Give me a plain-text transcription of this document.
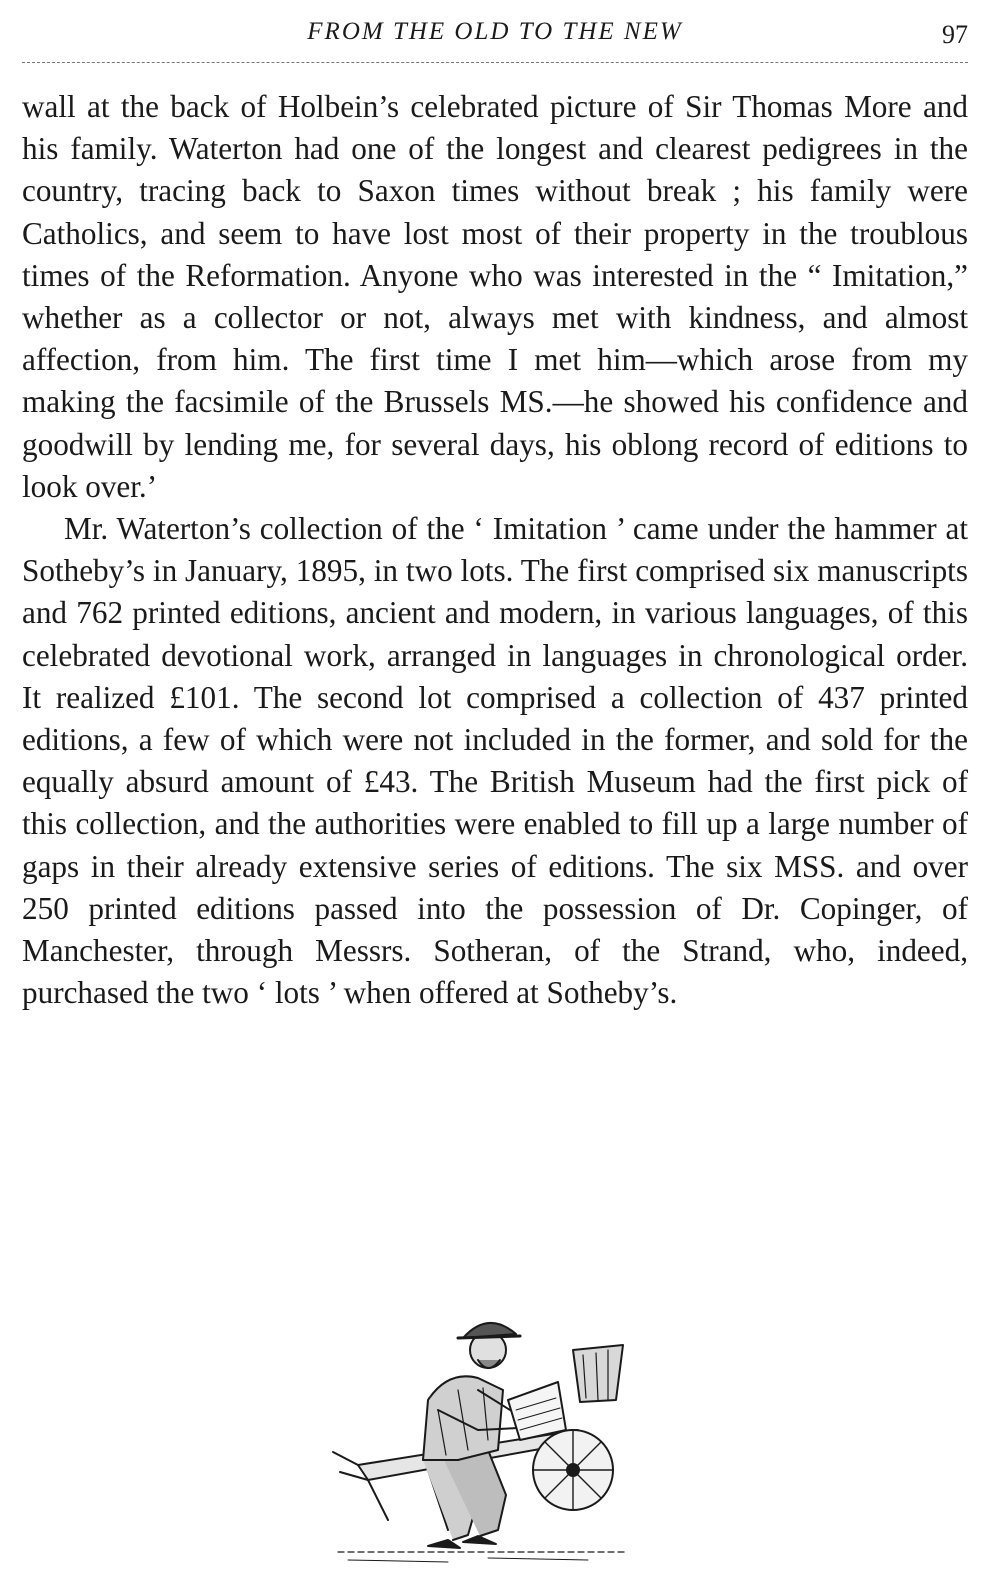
FROM THE OLD TO THE NEW	97

wall at the back of Holbein’s celebrated picture of Sir Thomas More and his family. Waterton had one of the longest and clearest pedigrees in the country, tracing back to Saxon times without break ; his family were Catholics, and seem to have lost most of their property in the troublous times of the Reformation. Anyone who was interested in the “ Imitation,” whether as a collector or not, always met with kindness, and almost affection, from him. The first time I met him—which arose from my making the facsimile of the Brussels MS.—he showed his confidence and goodwill by lending me, for several days, his oblong record of editions to look over.’

Mr. Waterton’s collection of the ‘ Imitation ’ came under the hammer at Sotheby’s in January, 1895, in two lots. The first comprised six manuscripts and 762 printed editions, ancient and modern, in various languages, of this celebrated devotional work, arranged in languages in chronological order. It realized £101. The second lot comprised a collection of 437 printed editions, a few of which were not included in the former, and sold for the equally absurd amount of £43. The British Museum had the first pick of this collection, and the authorities were enabled to fill up a large number of gaps in their already extensive series of editions. The six MSS. and over 250 printed editions passed into the possession of Dr. Copinger, of Manchester, through Messrs. Sotheran, of the Strand, who, indeed, purchased the two ‘ lots ’ when offered at Sotheby’s.
